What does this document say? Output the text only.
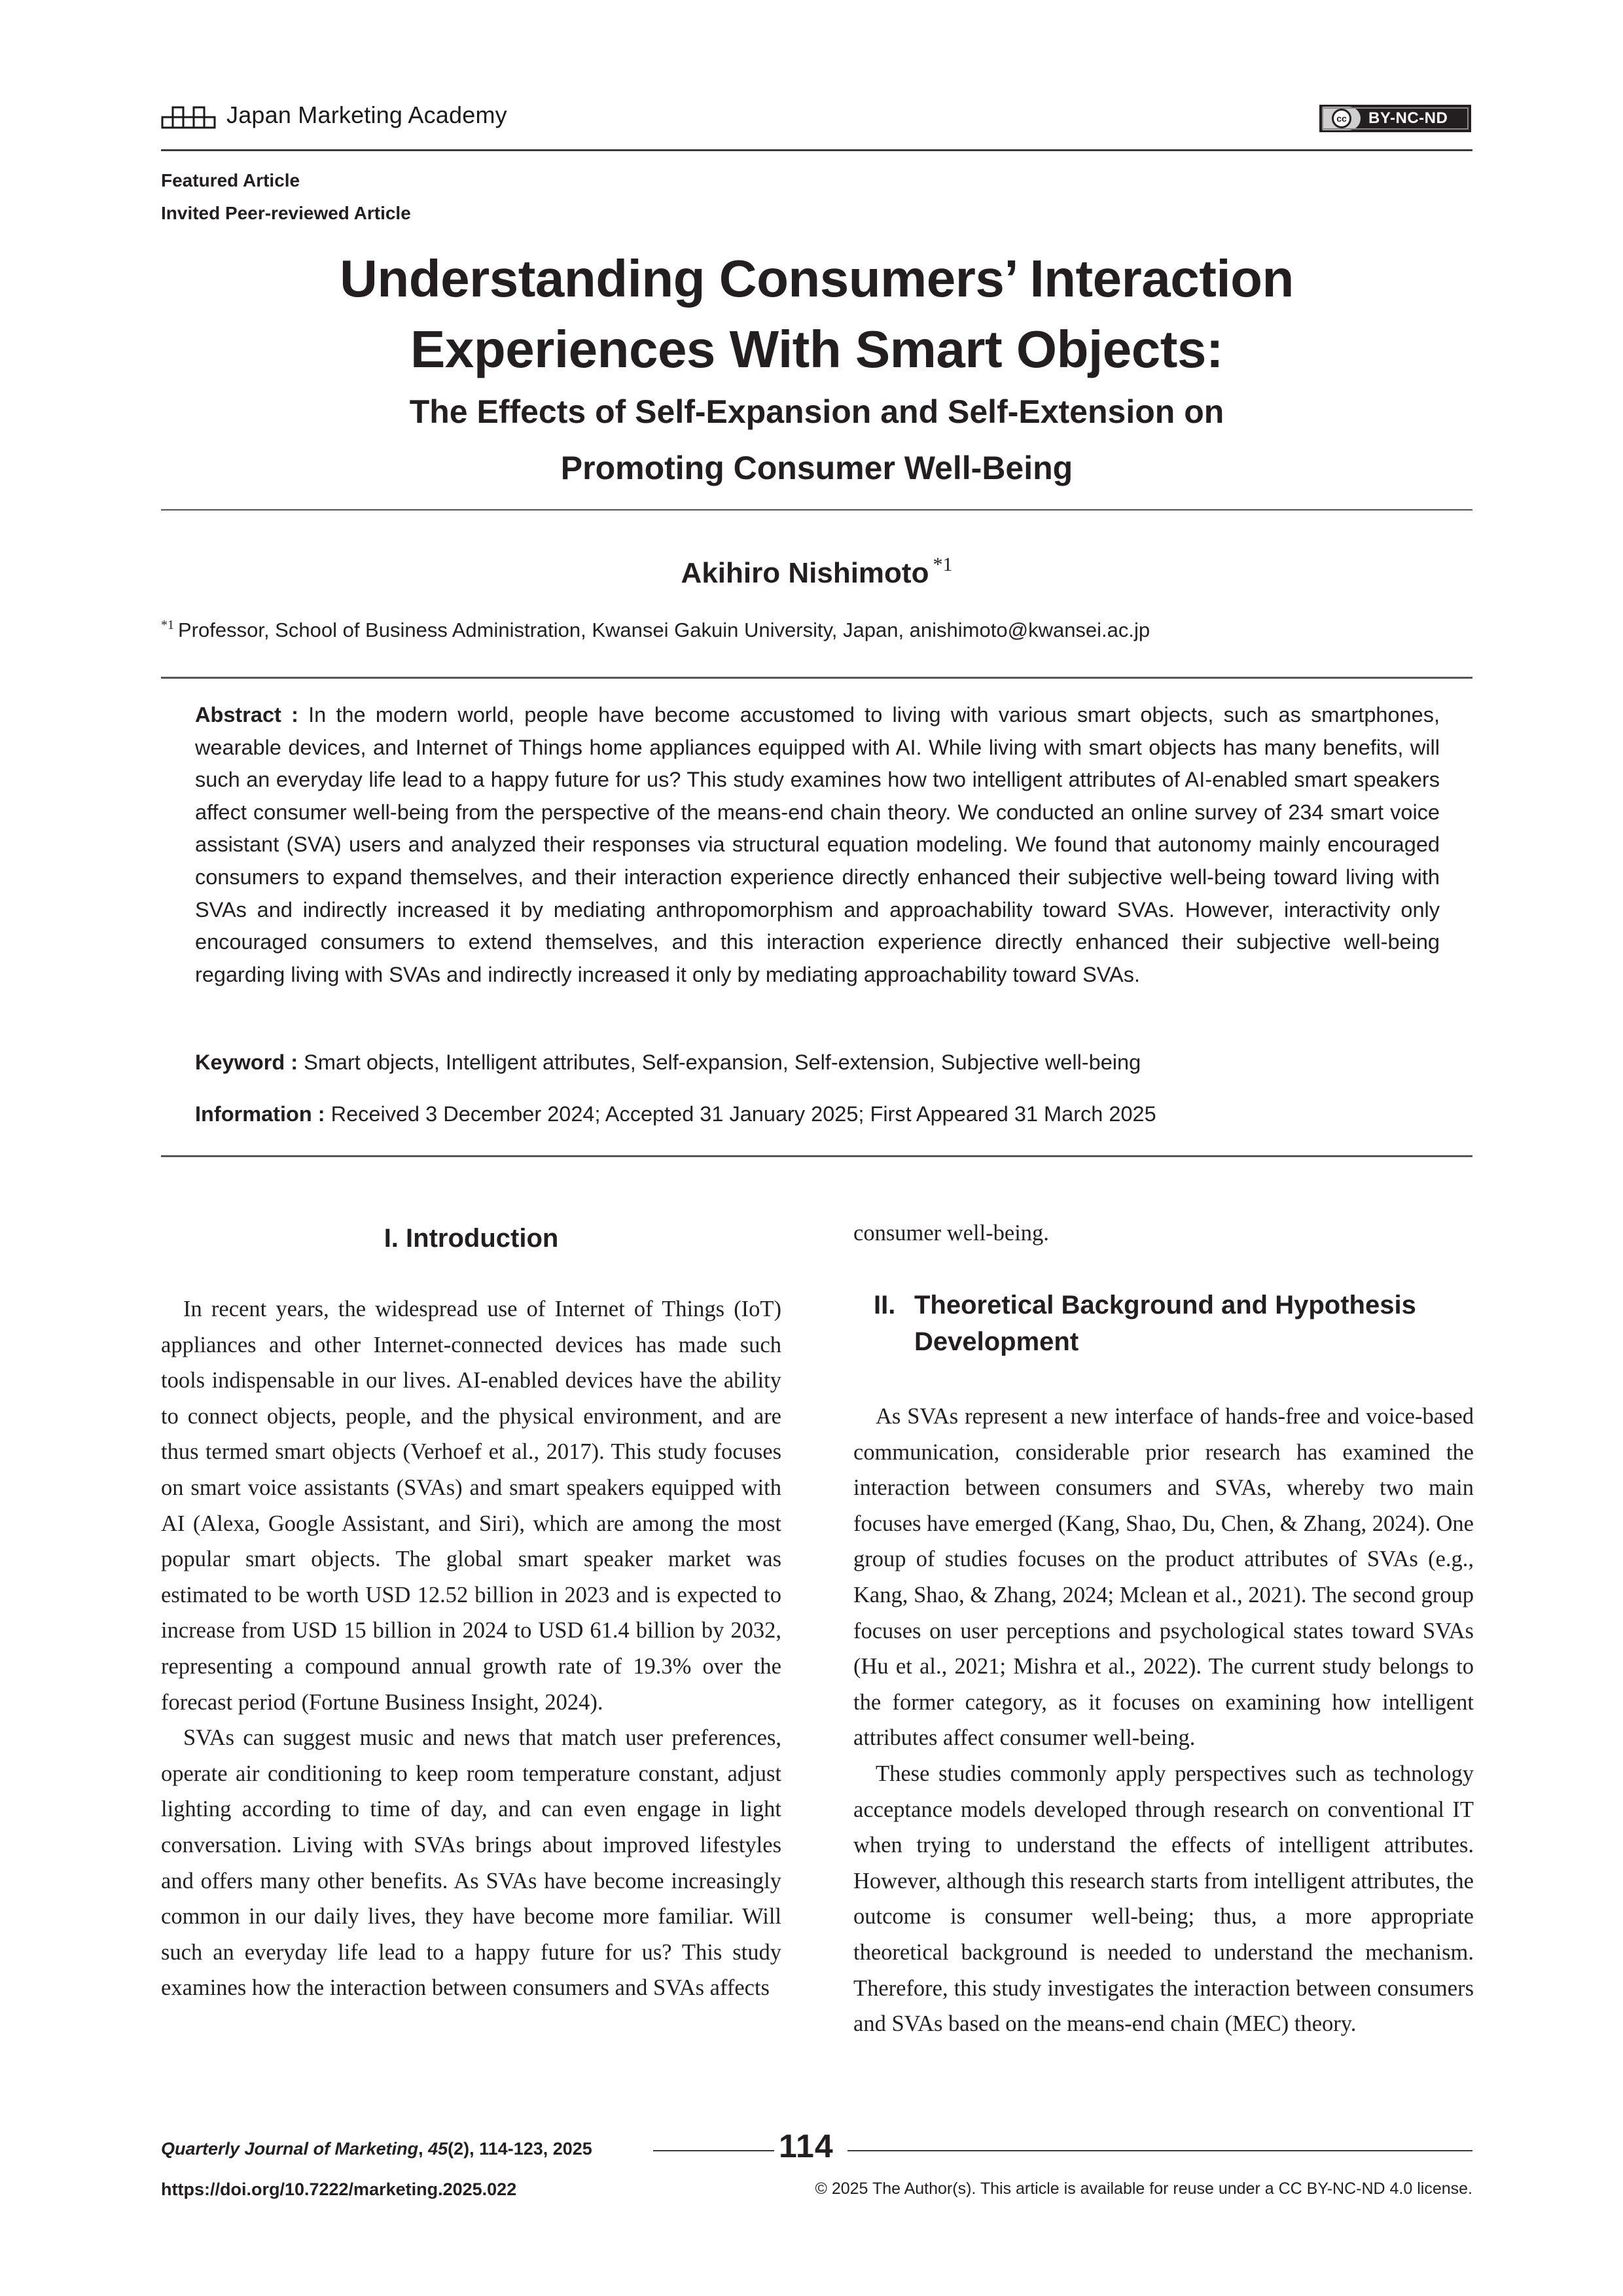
Japan Marketing Academy	cc	BY-NC-ND
Featured Article
Invited Peer-reviewed Article
Understanding Consumers’ Interaction
Experiences With Smart Objects:
The Effects of Self-Expansion and Self-Extension on
Promoting Consumer Well-Being
Akihiro Nishimoto $^{*1}$
$^{*1}$ Professor, School of Business Administration, Kwansei Gakuin University, Japan, anishimoto@kwansei.ac.jp
Abstract : In the modern world, people have become accustomed to living with various smart objects, such as smartphones, wearable devices, and Internet of Things home appliances equipped with AI. While living with smart objects has many benefits, will such an everyday life lead to a happy future for us? This study examines how two intelligent attributes of AI-enabled smart speakers affect consumer well-being from the perspective of the means-end chain theory. We conducted an online survey of 234 smart voice assistant (SVA) users and analyzed their responses via structural equation modeling. We found that autonomy mainly encouraged consumers to expand themselves, and their interaction experience directly enhanced their subjective well-being toward living with SVAs and indirectly increased it by mediating anthropomorphism and approachability toward SVAs. However, interactivity only encouraged consumers to extend themselves, and this interaction experience directly enhanced their subjective well-being regarding living with SVAs and indirectly increased it only by mediating approachability toward SVAs.
Keyword : Smart objects, Intelligent attributes, Self-expansion, Self-extension, Subjective well-being
Information : Received 3 December 2024; Accepted 31 January 2025; First Appeared 31 March 2025
I. Introduction

In recent years, the widespread use of Internet of Things (IoT) appliances and other Internet-connected devices has made such tools indispensable in our lives. AI-enabled devices have the ability to connect objects, people, and the physical environment, and are thus termed smart objects (Verhoef et al., 2017). This study focuses on smart voice assistants (SVAs) and smart speakers equipped with AI (Alexa, Google Assistant, and Siri), which are among the most popular smart objects. The global smart speaker market was estimated to be worth USD 12.52 billion in 2023 and is expected to increase from USD 15 billion in 2024 to USD 61.4 billion by 2032, representing a compound annual growth rate of 19.3% over the forecast period (Fortune Business Insight, 2024).

SVAs can suggest music and news that match user preferences, operate air conditioning to keep room temperature constant, adjust lighting according to time of day, and can even engage in light conversation. Living with SVAs brings about improved lifestyles and offers many other benefits. As SVAs have become increasingly common in our daily lives, they have become more familiar. Will such an everyday life lead to a happy future for us? This study examines how the interaction between consumers and SVAs affects

consumer well-being.

II. Theoretical Background and Hypothesis
Development

As SVAs represent a new interface of hands-free and voice-based communication, considerable prior research has examined the interaction between consumers and SVAs, whereby two main focuses have emerged (Kang, Shao, Du, Chen, & Zhang, 2024). One group of studies focuses on the product attributes of SVAs (e.g., Kang, Shao, & Zhang, 2024; Mclean et al., 2021). The second group focuses on user perceptions and psychological states toward SVAs (Hu et al., 2021; Mishra et al., 2022). The current study belongs to the former category, as it focuses on examining how intelligent attributes affect consumer well-being.

These studies commonly apply perspectives such as technology acceptance models developed through research on conventional IT when trying to understand the effects of intelligent attributes. However, although this research starts from intelligent attributes, the outcome is consumer well-being; thus, a more appropriate theoretical background is needed to understand the mechanism. Therefore, this study investigates the interaction between consumers and SVAs based on the means-end chain (MEC) theory.

Quarterly Journal of Marketing, 45(2), 114-123, 2025	114
https://doi.org/10.7222/marketing.2025.022	© 2025 The Author(s). This article is available for reuse under a CC BY-NC-ND 4.0 license.
